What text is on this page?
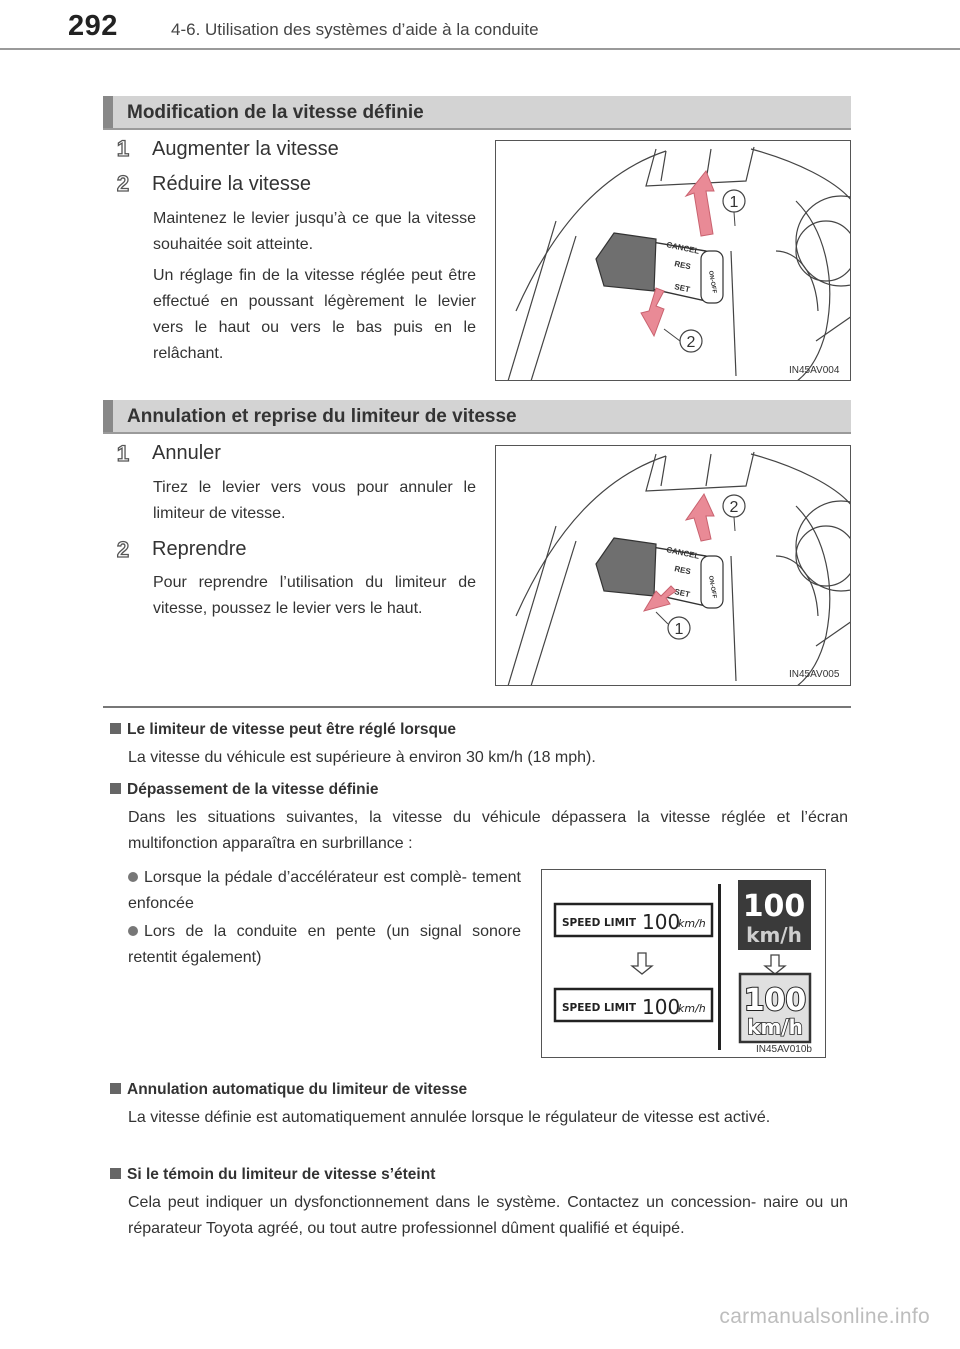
292	4-6. Utilisation des systèmes d’aide à la conduite
Modification de la vitesse définie
1 Augmenter la vitesse
2 Réduire la vitesse
Maintenez le levier jusqu’à ce que la vitesse souhaitée soit atteinte.
Un réglage fin de la vitesse réglée peut être effectué en poussant légèrement le levier vers le haut ou vers le bas puis en le relâchant.
CANCEL
RES
SET	ON-OFF
1
2
IN45AV004
Annulation et reprise du limiteur de vitesse
1 Annuler
Tirez le levier vers vous pour annuler le limiteur de vitesse.
2 Reprendre
Pour reprendre l’utilisation du limiteur de vitesse, poussez le levier vers le haut.
CANCEL
RES
SET	ON-OFF
2
1
IN45AV005
Le limiteur de vitesse peut être réglé lorsque
La vitesse du véhicule est supérieure à environ 30 km/h (18 mph).
Dépassement de la vitesse définie
Dans les situations suivantes, la vitesse du véhicule dépassera la vitesse réglée et l’écran multifonction apparaîtra en surbrillance :
Lorsque la pédale d’accélérateur est complè- tement enfoncée
Lors de la conduite en pente (un signal sonore retentit également)
SPEED LIMIT 100
km/h
SPEED LIMIT 100
km/h
100
km/h
100
km/h
IN45AV010b
Annulation automatique du limiteur de vitesse
La vitesse définie est automatiquement annulée lorsque le régulateur de vitesse est activé.
Si le témoin du limiteur de vitesse s’éteint
Cela peut indiquer un dysfonctionnement dans le système. Contactez un concession- naire ou un réparateur Toyota agréé, ou tout autre professionnel dûment qualifié et équipé.
carmanualsonline.info
